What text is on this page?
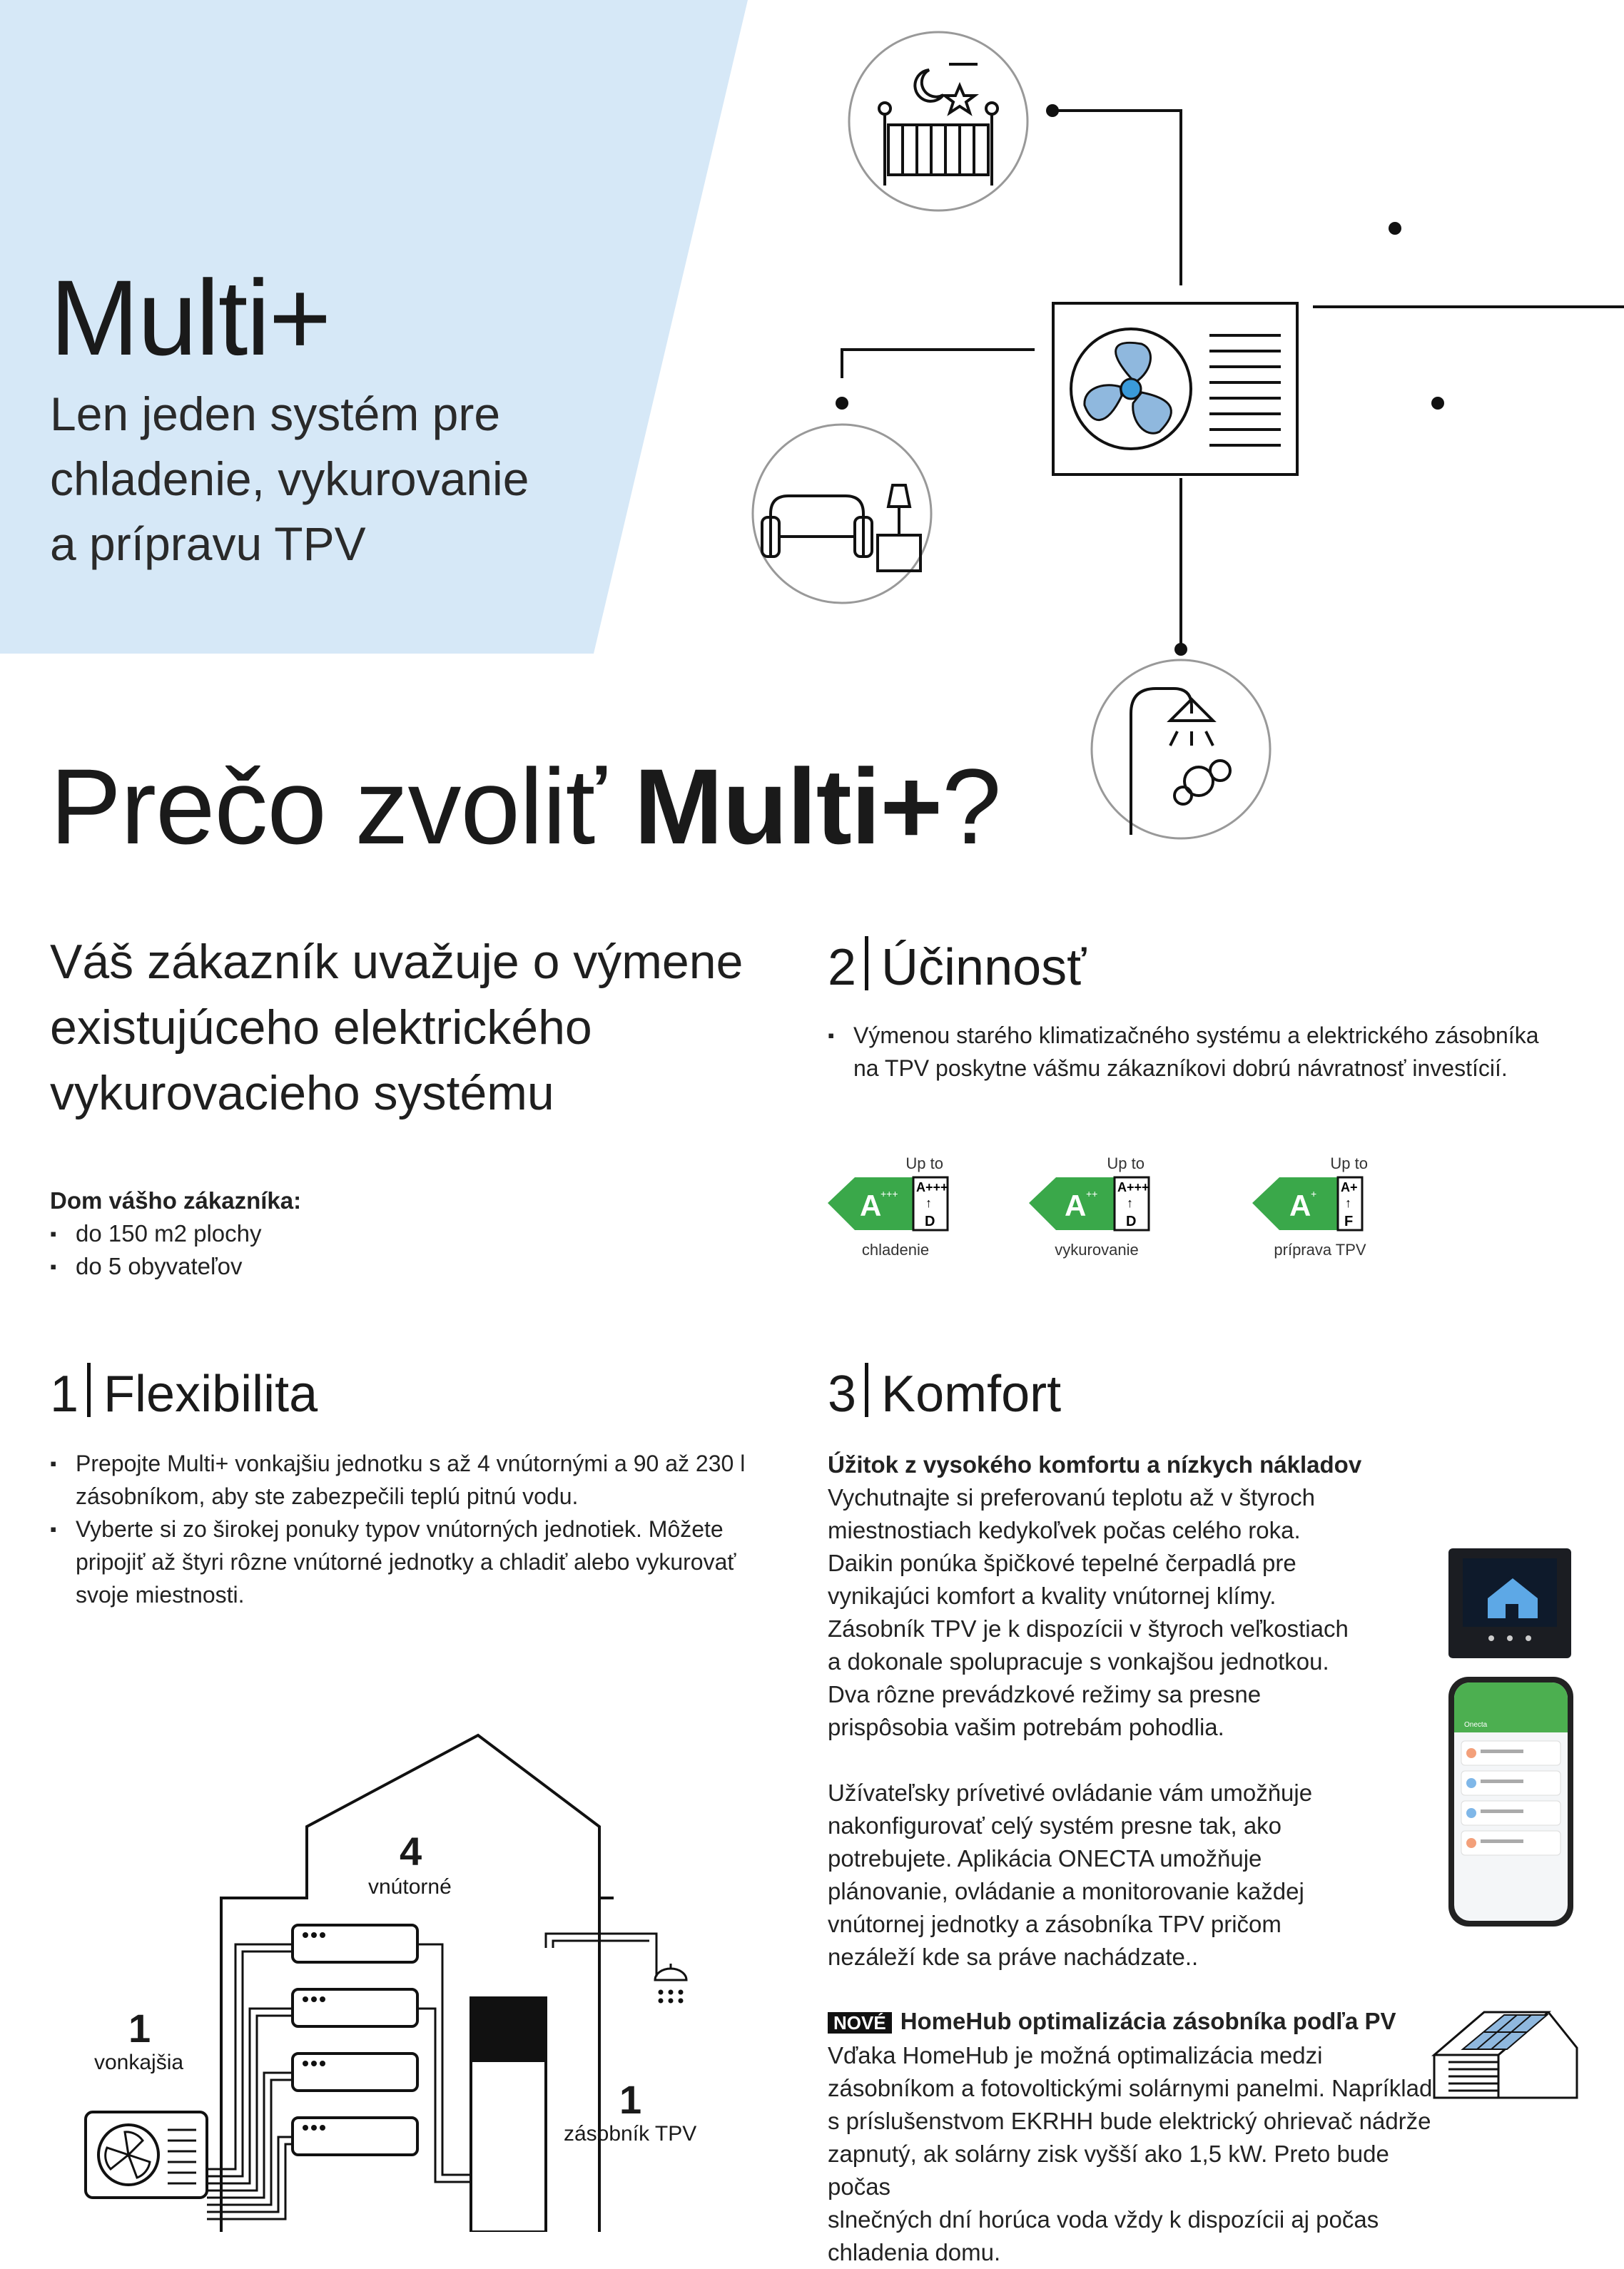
Multi+
Len jeden systém pre
chladenie, vykurovanie
a prípravu TPV
Prečo zvoliť Multi+?
Váš zákazník uvažuje o výmene
existujúceho elektrického
vykurovacieho systému
Dom vášho zákazníka:
▪ do 150 m2 plochy
▪ do 5 obyvateľov
2 Účinnosť
▪ Výmenou starého klimatizačného systému a elektrického zásobníka
na TPV poskytne vášmu zákazníkovi dobrú návratnosť investícií.
Up to
A
+++ A+++
↑
D
chladenie
Up to
A ++ A+++
↑
D
vykurovanie
Up to
A + A+
↑
F
príprava TPV
1 Flexibilita
▪ Prepojte Multi+ vonkajšiu jednotku s až 4 vnútornými a 90 až 230 l
zásobníkom, aby ste zabezpečili teplú pitnú vodu.
▪ Vyberte si zo širokej ponuky typov vnútorných jednotiek. Môžete
pripojiť až štyri rôzne vnútorné jednotky a chladiť alebo vykurovať
svoje miestnosti.
4
vnútorné
1
vonkajšia
1
zásobník TPV
3 Komfort
Úžitok z vysokého komfortu a nízkych nákladov
Vychutnajte si preferovanú teplotu až v štyroch
miestnostiach kedykoľvek počas celého roka.
Daikin ponúka špičkové tepelné čerpadlá pre
vynikajúci komfort a kvality vnútornej klímy.
Zásobník TPV je k dispozícii v štyroch veľkostiach
a dokonale spolupracuje s vonkajšou jednotkou.
Dva rôzne prevádzkové režimy sa presne
prispôsobia vašim potrebám pohodlia.
Užívateľsky prívetivé ovládanie vám umožňuje
nakonfigurovať celý systém presne tak, ako
potrebujete. Aplikácia ONECTA umožňuje
plánovanie, ovládanie a monitorovanie každej
vnútornej jednotky a zásobníka TPV pričom
nezáleží kde sa práve nachádzate..
NOVÉ HomeHub optimalizácia zásobníka podľa PV
Vďaka HomeHub je možná optimalizácia medzi
zásobníkom a fotovoltickými solárnymi panelmi. Napríklad
s príslušenstvom EKRHH bude elektrický ohrievač nádrže
zapnutý, ak solárny zisk vyšší ako 1,5 kW. Preto bude počas
slnečných dní horúca voda vždy k dispozícii aj počas
chladenia domu.
Onecta
